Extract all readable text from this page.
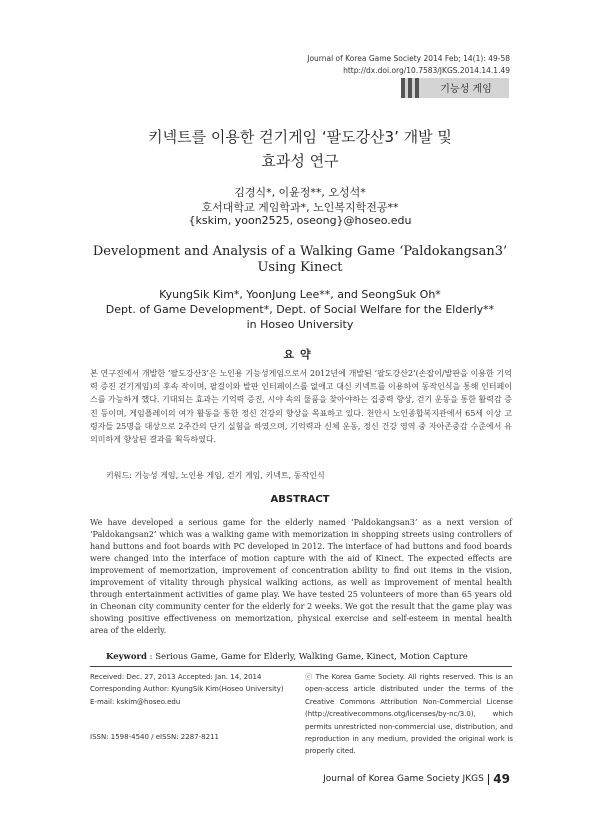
Journal of Korea Game Society 2014 Feb; 14(1): 49-58
http://dx.doi.org/10.7583/JKGS.2014.14.1.49
기능성 게임
키넥트를 이용한 걷기게임 ‘팔도강산3’ 개발 및
효과성 연구
김경식*, 이윤정**, 오성석*
호서대학교 게임학과*, 노인복지학전공**
{kskim, yoon2525, oseong}@hoseo.edu
Development and Analysis of a Walking Game ‘Paldokangsan3’
Using Kinect
KyungSik Kim*, YoonJung Lee**, and SeongSuk Oh*
Dept. of Game Development*, Dept. of Social Welfare for the Elderly**
in Hoseo University
요약
본 연구진에서 개발한 ‘팔도강산3’은 노인용 기능성게임으로서 2012년에 개발된 ‘팔도강산2’(손잡이/발판을 이용한 기억력 증진 걷기게임)의 후속 작이며, 팔걸이와 발판 인터페이스를 없애고 대신 키넥트를 이용하여 동작인식을 통해 인터페이스를 가능하게 했다. 기대되는 효과는 기억력 증진, 시야 속의 물품을 찾아야하는 집중력 향상, 걷기 운동을 통한 활력감 증진 등이며, 게임플레이의 여가 활동을 통한 정신 건강의 향상을 목표하고 있다. 천안시 노인종합복지관에서 65세 이상 고령자들 25명을 대상으로 2주간의 단기 실험을 하였으며, 기억력과 신체 운동, 정신 건강 영역 중 자아존중감 수준에서 유의미하게 향상된 결과를 획득하였다.
키워드: 기능성 게임, 노인용 게임, 걷기 게임, 키넥트, 동작인식
ABSTRACT
We have developed a serious game for the elderly named ‘Paldokangsan3’ as a next version of ‘Paldokangsan2’ which was a walking game with memorization in shopping streets using controllers of hand buttons and foot boards with PC developed in 2012. The interface of had buttons and food boards were changed into the interface of motion capture with the aid of Kinect. The expected effects are improvement of memorization, improvement of concentration ability to find out items in the vision, improvement of vitality through physical walking actions, as well as improvement of mental health through entertainment activities of game play. We have tested 25 volunteers of more than 65 years old in Cheonan city community center for the elderly for 2 weeks. We got the result that the game play was showing positive effectiveness on memorization, physical exercise and self-esteem in mental health area of the elderly.
Keyword : Serious Game, Game for Elderly, Walking Game, Kinect, Motion Capture
Received: Dec. 27, 2013 Accepted: Jan. 14, 2014
Corresponding Author: KyungSik Kim(Hoseo University)
E-mail: kskim@hoseo.edu
ISSN: 1598-4540 / eISSN: 2287-8211
ⓒ The Korea Game Society. All rights reserved. This is an open-access article distributed under the terms of the Creative Commons Attribution Non-Commercial License (http://creativecommons.otg/licenses/by-nc/3.0), which permits unrestricted non-commercial use, distribution, and reproduction in any medium, provided the original work is properly cited.
Journal of Korea Game Society JKGS 49
